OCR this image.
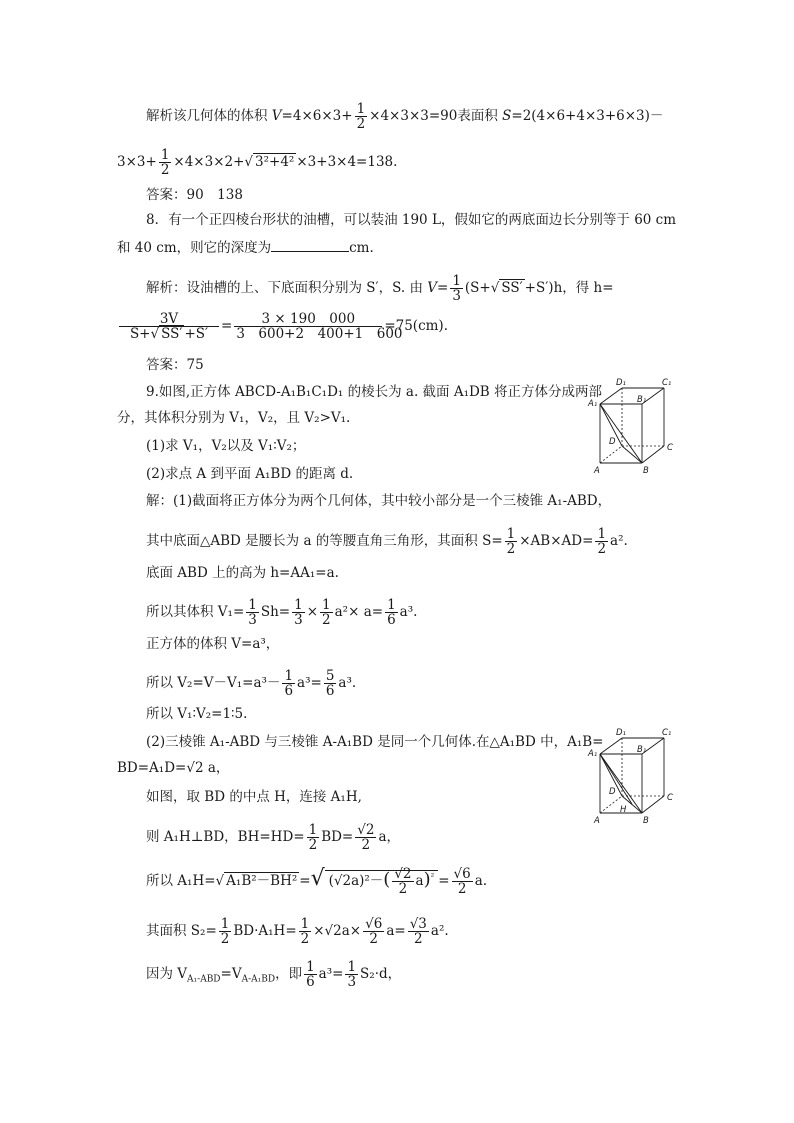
解析该几何体的体积 $V=4\times 6\times 3+ \frac{1}{2} \times 4\times 3\times 3=90$表面积 S=2(4×6+4×3+6×3)－
$3\times 3+ \frac{1}{2} \times 4\times 3\times 2+√$ 3²+4² ×3+3×4=138.
答案：90　138
8．有一个正四棱台形状的油槽，可以装油 190 L，假如它的两底面边长分别等于 60 cm
和 40 cm，则它的深度为	cm.
解析：设油槽的上、下底面积分别为 S′，S. 由 $V= \frac{1}{3} (S+√$ SS′ +S′)h，得 h=
$\frac{3V}{S+√ SS' +S'} = \frac{3 \times 190 000}{3 600+2 400+1 600} =75(cm)$.
答案：75
9.如图,正方体 ABCD-A₁B₁C₁D₁ 的棱长为 a. 截面 A₁DB 将正方体分成两部
分，其体积分别为 V₁，V₂，且 V₂>V₁.
(1)求 V₁，V₂以及 V₁∶V₂；
(2)求点 A 到平面 A₁BD 的距离 d.
解：(1)截面将正方体分为两个几何体，其中较小部分是一个三棱锥 A₁-ABD，
其中底面△ABD 是腰长为 a 的等腰直角三角形，其面积 $S= \frac{1}{2} \times AB\times AD= \frac{1}{2} a^2$.
底面 ABD 上的高为 h=AA₁=a.
所以其体积 $V_1= \frac{1}{3} Sh= \frac{1}{3} \times \frac{1}{2} a^2\times a= \frac{1}{6} a^3$.
正方体的体积 V=a³，
所以 $V_2=V-V_1=a^3- \frac{1}{6} a^3= \frac{5}{6} a^3$.
所以 V₁∶V₂=1∶5.
(2)三棱锥 A₁-ABD 与三棱锥 A-A₁BD 是同一个几何体.在△A₁BD 中，A₁B=
BD=A₁D=√2 a，
如图，取 BD 的中点 H，连接 A₁H,
则 A₁H⊥BD，$BH=HD= \frac{1}{2} BD= \frac{√2}{2}$ a，
所以 A₁H=√ A₁B²－BH² =√ $(√2a)^2-( \frac{√2}{2} a)^{^2} = \frac{√6}{2} a$.
其面积 $S_2= \frac{1}{2} BD\cdot A_1H= \frac{1}{2} \times√2a\times \frac{√6}{2} a= \frac{√3}{2} a^2$.
因为 $V_{A_1-ABD}=V_{A-A_1BD}$，即 $\frac{1}{6} a^3= \frac{1}{3} S_2\cdot d$，
D₁	C₁
A₁	B₁
D
C
A	B
D₁	C₁
A₁	B₁
D
C
A	B
H
